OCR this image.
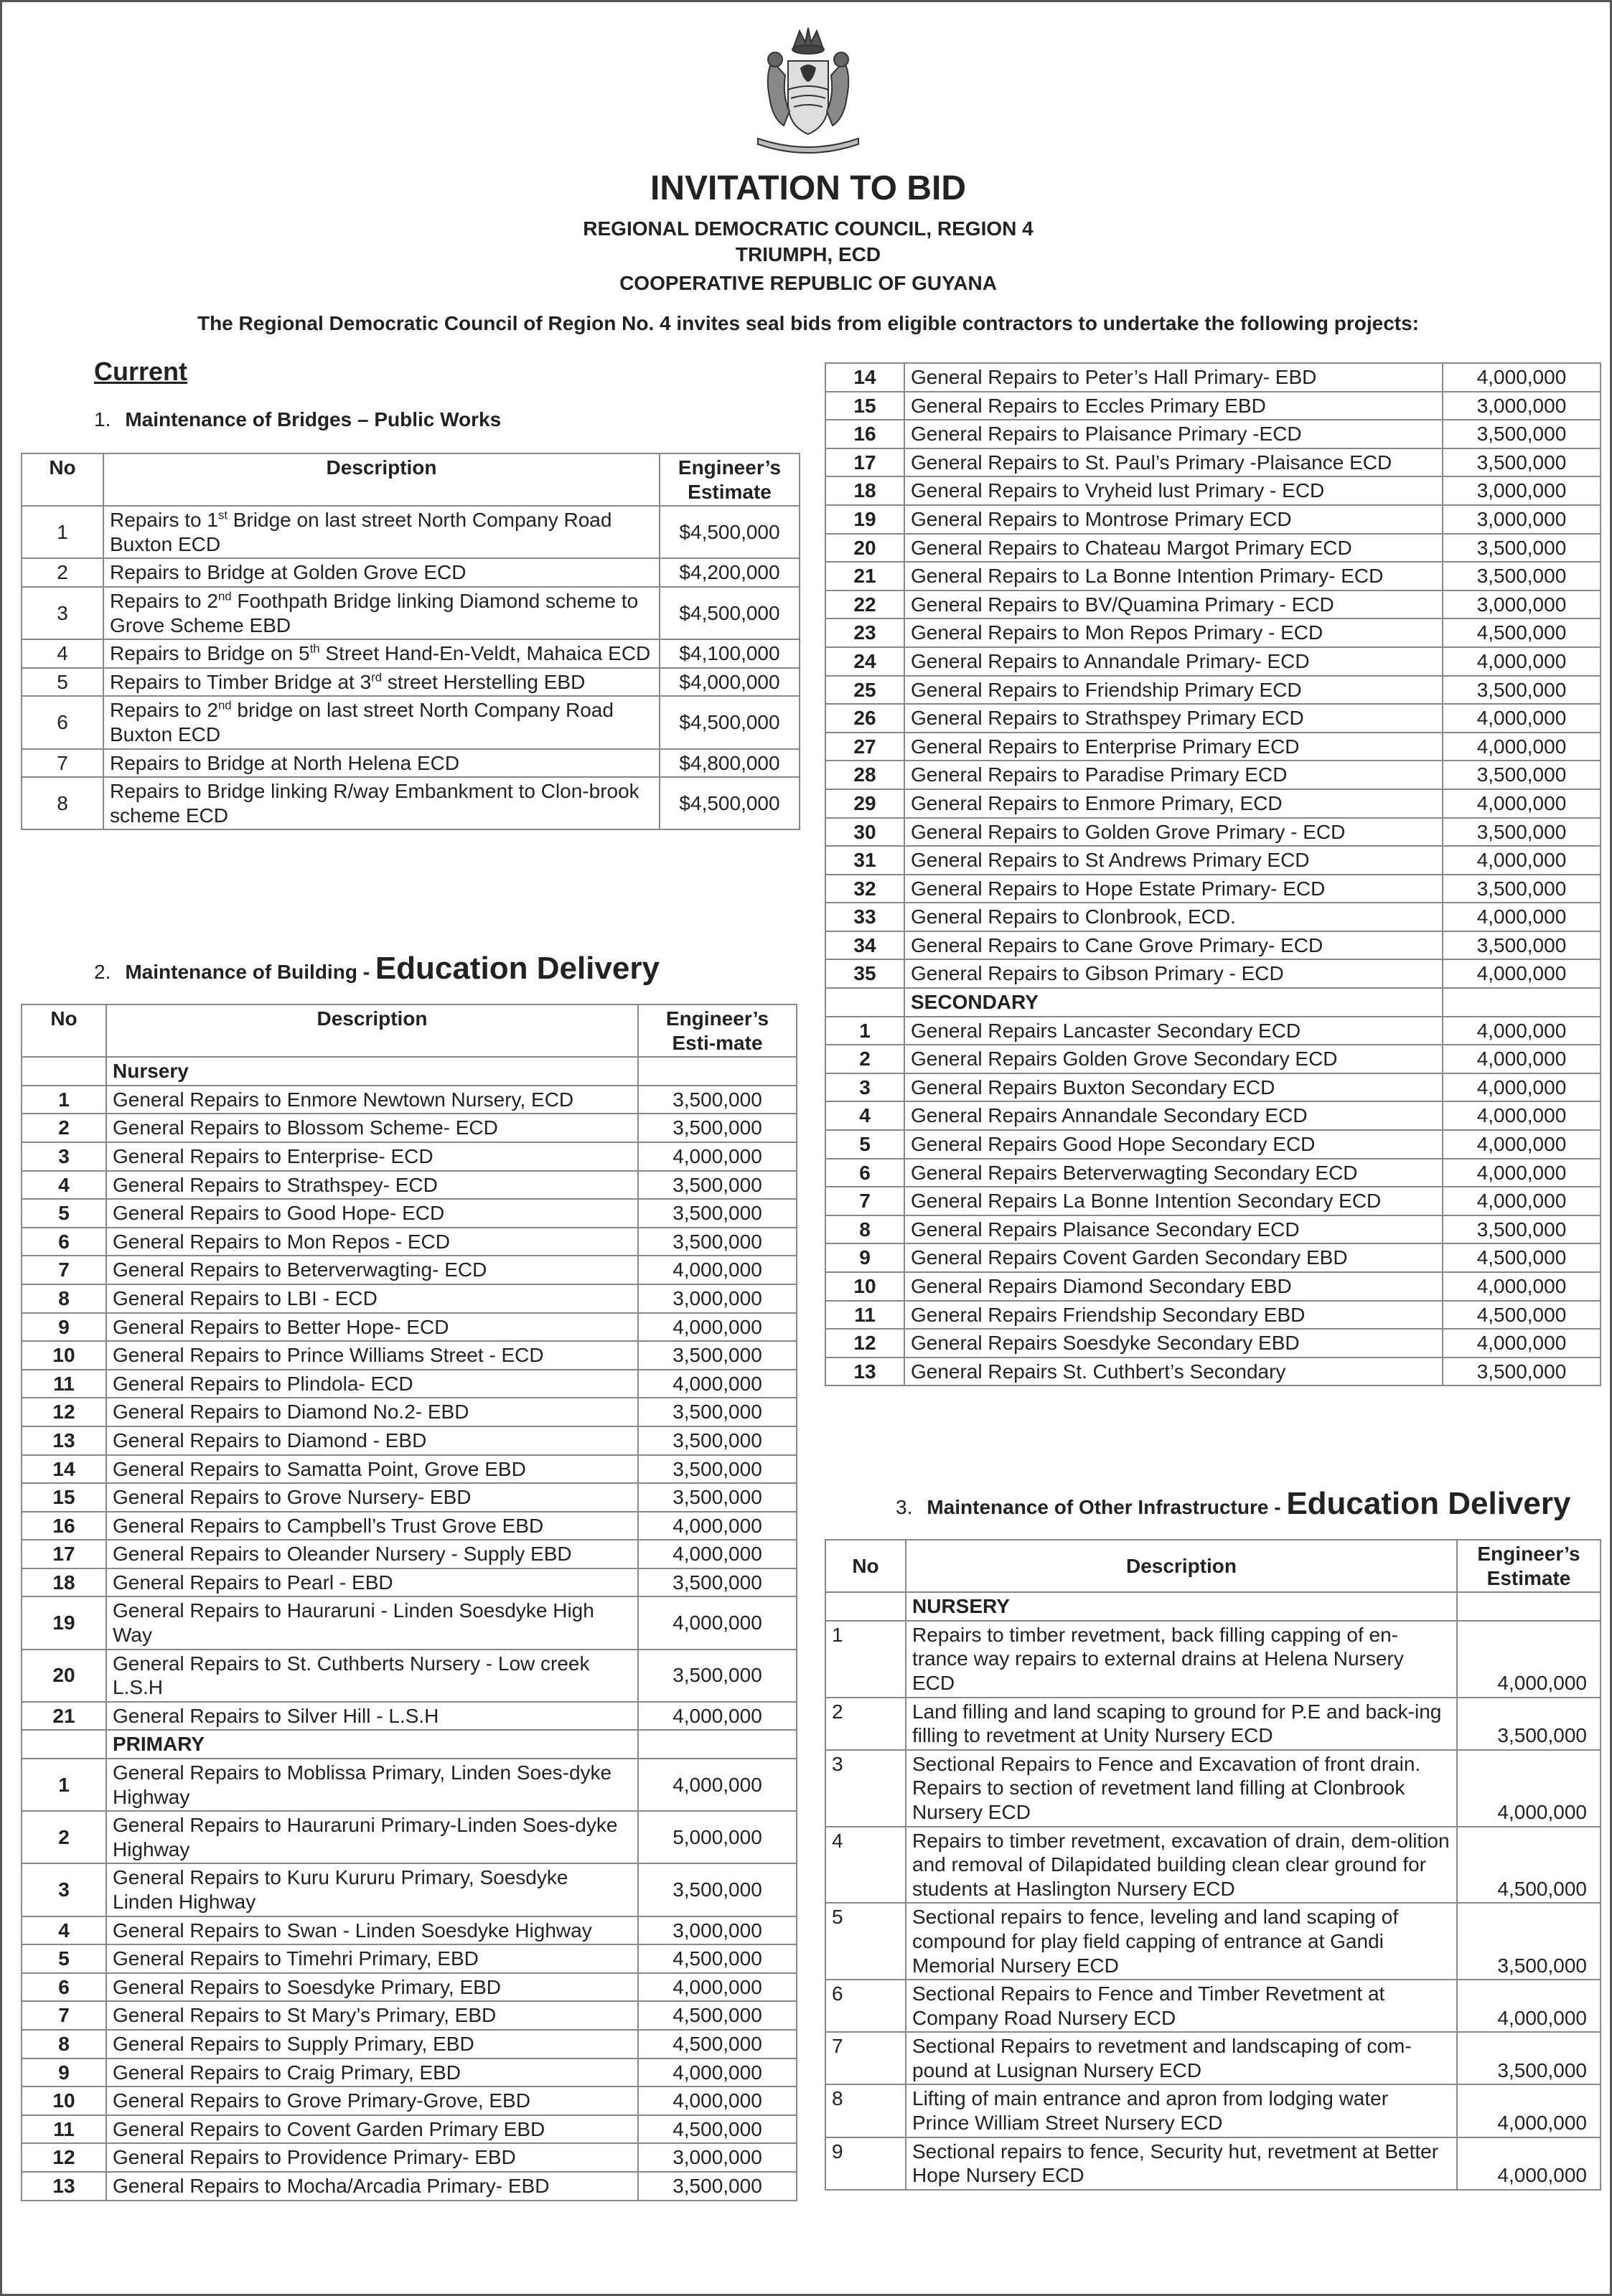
INVITATION TO BID
REGIONAL DEMOCRATIC COUNCIL, REGION 4
TRIUMPH, ECD
COOPERATIVE REPUBLIC OF GUYANA
The Regional Democratic Council of Region No. 4 invites seal bids from eligible contractors to undertake the following projects:
Current
1. Maintenance of Bridges – Public Works
No	Description	Engineer’s Estimate
1	Repairs to 1st Bridge on last street North Company Road Buxton ECD	$4,500,000
2	Repairs to Bridge at Golden Grove ECD	$4,200,000
3	Repairs to 2nd Foothpath Bridge linking Diamond scheme to Grove Scheme EBD	$4,500,000
4	Repairs to Bridge on 5th Street Hand-En-Veldt, Mahaica ECD	$4,100,000
5	Repairs to Timber Bridge at 3rd street Herstelling EBD	$4,000,000
6	Repairs to 2nd bridge on last street North Company Road Buxton ECD	$4,500,000
7	Repairs to Bridge at North Helena ECD	$4,800,000
8	Repairs to Bridge linking R/way Embankment to Clon-brook scheme ECD	$4,500,000
2. Maintenance of Building - Education Delivery
No	Description	Engineer’s Esti-mate
	Nursery	
1	General Repairs to Enmore Newtown Nursery, ECD	3,500,000
2	General Repairs to Blossom Scheme- ECD	3,500,000
3	General Repairs to Enterprise- ECD	4,000,000
4	General Repairs to Strathspey- ECD	3,500,000
5	General Repairs to Good Hope- ECD	3,500,000
6	General Repairs to Mon Repos - ECD	3,500,000
7	General Repairs to Beterverwagting- ECD	4,000,000
8	General Repairs to LBI - ECD	3,000,000
9	General Repairs to Better Hope- ECD	4,000,000
10	General Repairs to Prince Williams Street - ECD	3,500,000
11	General Repairs to Plindola- ECD	4,000,000
12	General Repairs to Diamond No.2- EBD	3,500,000
13	General Repairs to Diamond - EBD	3,500,000
14	General Repairs to Samatta Point, Grove EBD	3,500,000
15	General Repairs to Grove Nursery- EBD	3,500,000
16	General Repairs to Campbell’s Trust Grove EBD	4,000,000
17	General Repairs to Oleander Nursery - Supply EBD	4,000,000
18	General Repairs to Pearl - EBD	3,500,000
19	General Repairs to Hauraruni - Linden Soesdyke High Way	4,000,000
20	General Repairs to St. Cuthberts Nursery - Low creek L.S.H	3,500,000
21	General Repairs to Silver Hill - L.S.H	4,000,000
	PRIMARY	
1	General Repairs to Moblissa Primary, Linden Soes-dyke Highway	4,000,000
2	General Repairs to Hauraruni Primary-Linden Soes-dyke Highway	5,000,000
3	General Repairs to Kuru Kururu Primary, Soesdyke Linden Highway	3,500,000
4	General Repairs to Swan - Linden Soesdyke Highway	3,000,000
5	General Repairs to Timehri Primary, EBD	4,500,000
6	General Repairs to Soesdyke Primary, EBD	4,000,000
7	General Repairs to St Mary’s Primary, EBD	4,500,000
8	General Repairs to Supply Primary, EBD	4,500,000
9	General Repairs to Craig Primary, EBD	4,000,000
10	General Repairs to Grove Primary-Grove, EBD	4,000,000
11	General Repairs to Covent Garden Primary EBD	4,500,000
12	General Repairs to Providence Primary- EBD	3,000,000
13	General Repairs to Mocha/Arcadia Primary- EBD	3,500,000
14	General Repairs to Peter’s Hall Primary- EBD	4,000,000
15	General Repairs to Eccles Primary EBD	3,000,000
16	General Repairs to Plaisance Primary -ECD	3,500,000
17	General Repairs to St. Paul’s Primary -Plaisance ECD	3,500,000
18	General Repairs to Vryheid lust Primary - ECD	3,000,000
19	General Repairs to Montrose Primary ECD	3,000,000
20	General Repairs to Chateau Margot Primary ECD	3,500,000
21	General Repairs to La Bonne Intention Primary- ECD	3,500,000
22	General Repairs to BV/Quamina Primary - ECD	3,000,000
23	General Repairs to Mon Repos Primary - ECD	4,500,000
24	General Repairs to Annandale Primary- ECD	4,000,000
25	General Repairs to Friendship Primary ECD	3,500,000
26	General Repairs to Strathspey Primary ECD	4,000,000
27	General Repairs to Enterprise Primary ECD	4,000,000
28	General Repairs to Paradise Primary ECD	3,500,000
29	General Repairs to Enmore Primary, ECD	4,000,000
30	General Repairs to Golden Grove Primary - ECD	3,500,000
31	General Repairs to St Andrews Primary ECD	4,000,000
32	General Repairs to Hope Estate Primary- ECD	3,500,000
33	General Repairs to Clonbrook, ECD.	4,000,000
34	General Repairs to Cane Grove Primary- ECD	3,500,000
35	General Repairs to Gibson Primary - ECD	4,000,000
	SECONDARY	
1	General Repairs Lancaster Secondary ECD	4,000,000
2	General Repairs Golden Grove Secondary ECD	4,000,000
3	General Repairs Buxton Secondary ECD	4,000,000
4	General Repairs Annandale Secondary ECD	4,000,000
5	General Repairs Good Hope Secondary ECD	4,000,000
6	General Repairs Beterverwagting Secondary ECD	4,000,000
7	General Repairs La Bonne Intention Secondary ECD	4,000,000
8	General Repairs Plaisance Secondary ECD	3,500,000
9	General Repairs Covent Garden Secondary EBD	4,500,000
10	General Repairs Diamond Secondary EBD	4,000,000
11	General Repairs Friendship Secondary EBD	4,500,000
12	General Repairs Soesdyke Secondary EBD	4,000,000
13	General Repairs St. Cuthbert’s Secondary	3,500,000
3. Maintenance of Other Infrastructure - Education Delivery
No	Description	Engineer’s Estimate
	NURSERY	
1	Repairs to timber revetment, back filling capping of en-trance way repairs to external drains at Helena Nursery ECD	4,000,000
2	Land filling and land scaping to ground for P.E and back-ing filling to revetment at Unity Nursery ECD	3,500,000
3	Sectional Repairs to Fence and Excavation of front drain. Repairs to section of revetment land filling at Clonbrook Nursery ECD	4,000,000
4	Repairs to timber revetment, excavation of drain, dem-olition and removal of Dilapidated building clean clear ground for students at Haslington Nursery ECD	4,500,000
5	Sectional repairs to fence, leveling and land scaping of compound for play field capping of entrance at Gandi Memorial Nursery ECD	3,500,000
6	Sectional Repairs to Fence and Timber Revetment at Company Road Nursery ECD	4,000,000
7	Sectional Repairs to revetment and landscaping of com-pound at Lusignan Nursery ECD	3,500,000
8	Lifting of main entrance and apron from lodging water Prince William Street Nursery ECD	4,000,000
9	Sectional repairs to fence, Security hut, revetment at Better Hope Nursery ECD	4,000,000
